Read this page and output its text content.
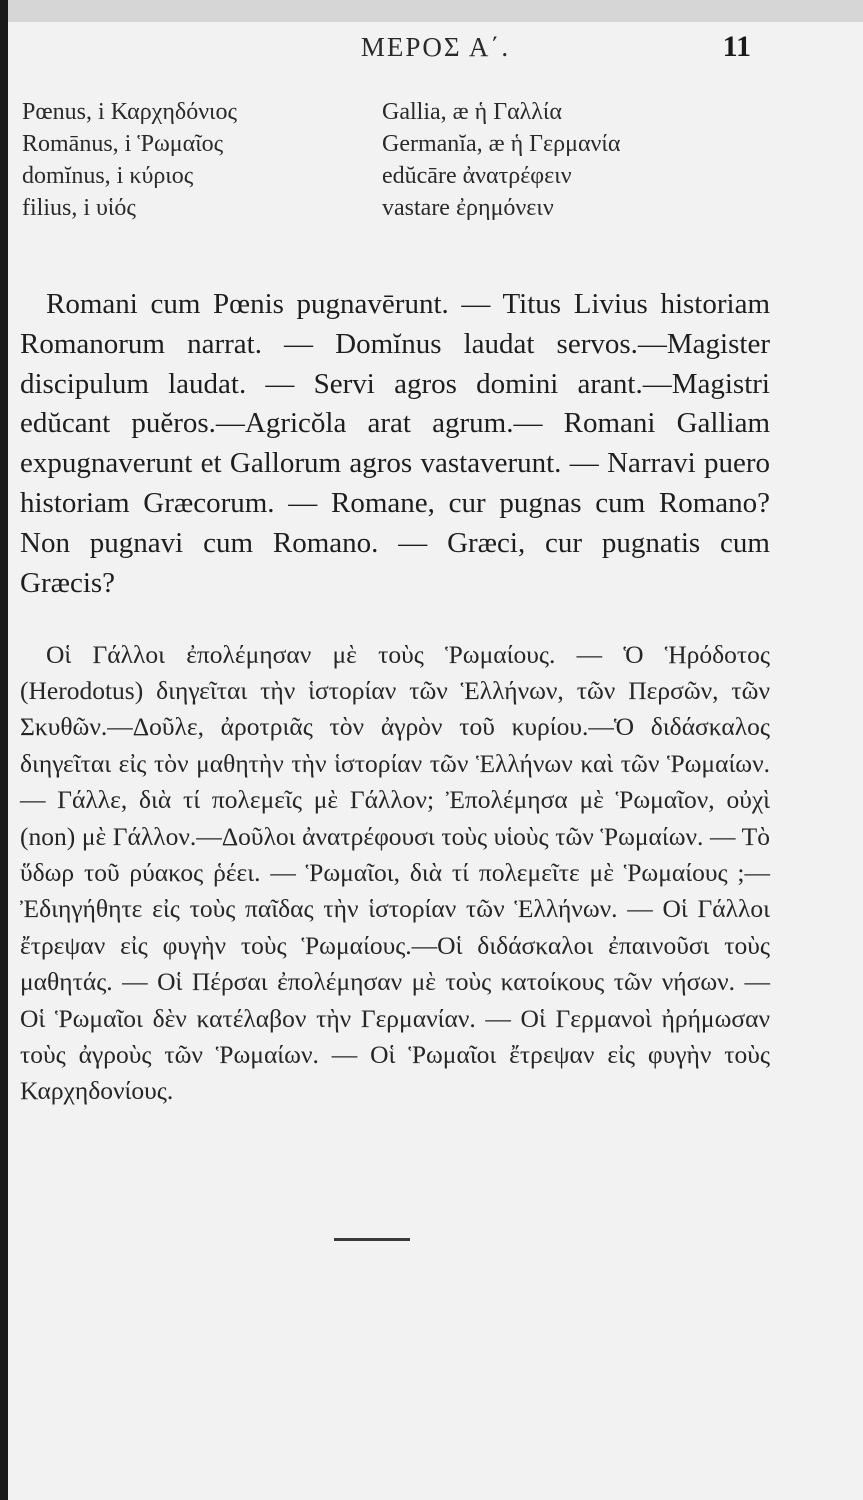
ΜΕΡΟΣ Α΄.	11
Pœnus, i Καρχηδόνιος
Romānus, i Ῥωμαῖος
domĭnus, i κύριος
filius, i υἱός
Gallia, æ ἡ Γαλλία
Germanĭa, æ ἡ Γερμανία
edŭcāre ἀνατρέφειν
vastare ἐρημόνειν

Romani cum Pœnis pugnavērunt. — Titus Livius historiam Romanorum narrat. — Domĭnus laudat servos.—Magister discipulum laudat. — Servi agros domini arant.—Magistri edŭcant puĕros.—Agricŏla arat agrum.— Romani Galliam expugnaverunt et Gallorum agros vastaverunt. — Narravi puero historiam Græcorum. — Romane, cur pugnas cum Romano? Non pugnavi cum Romano. — Græci, cur pugnatis cum Græcis?

Οἱ Γάλλοι ἐπολέμησαν μὲ τοὺς Ῥωμαίους. — Ὁ Ἡρόδοτος (Herodotus) διηγεῖται τὴν ἱστορίαν τῶν Ἑλλήνων, τῶν Περσῶν, τῶν Σκυθῶν.—Δοῦλε, ἀροτριᾶς τὸν ἀγρὸν τοῦ κυρίου.—Ὁ διδάσκαλος διηγεῖται εἰς τὸν μαθητὴν τὴν ἱστορίαν τῶν Ἑλλήνων καὶ τῶν Ῥωμαίων.— Γάλλε, διὰ τί πολεμεῖς μὲ Γάλλον; Ἐπολέμησα μὲ Ῥωμαῖον, οὐχὶ (non) μὲ Γάλλον.—Δοῦλοι ἀνατρέφουσι τοὺς υἱοὺς τῶν Ῥωμαίων. — Τὸ ὕδωρ τοῦ ρύακος ῥέει. — Ῥωμαῖοι, διὰ τί πολεμεῖτε μὲ Ῥωμαίους ;—Ἐδιηγήθητε εἰς τοὺς παῖδας τὴν ἱστορίαν τῶν Ἑλλήνων. — Οἱ Γάλλοι ἔτρεψαν εἰς φυγὴν τοὺς Ῥωμαίους.—Οἱ διδάσκαλοι ἐπαινοῦσι τοὺς μαθητάς. — Οἱ Πέρσαι ἐπολέμησαν μὲ τοὺς κατοίκους τῶν νήσων. — Οἱ Ῥωμαῖοι δὲν κατέλαβον τὴν Γερμανίαν. — Οἱ Γερμανοὶ ἠρήμωσαν τοὺς ἀγροὺς τῶν Ῥωμαίων. — Οἱ Ῥωμαῖοι ἔτρεψαν εἰς φυγὴν τοὺς Καρχηδονίους.
